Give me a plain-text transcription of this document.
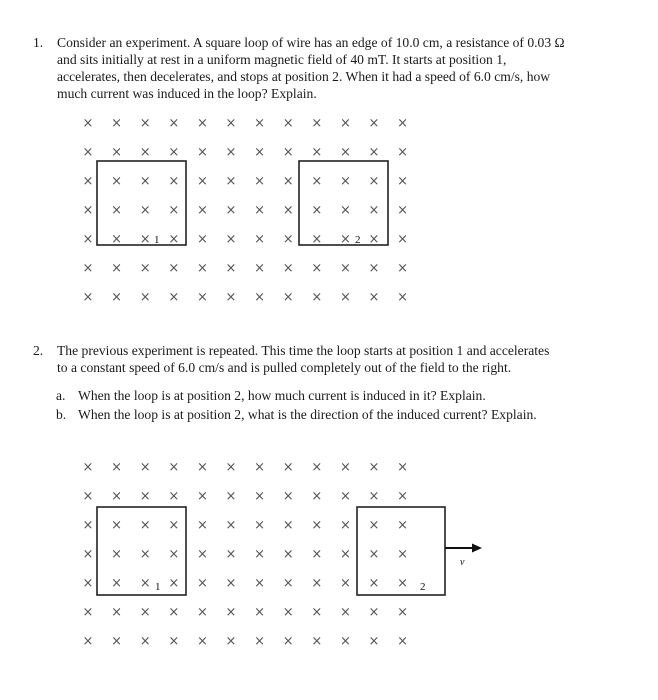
1. Consider an experiment. A square loop of wire has an edge of 10.0 cm, a resistance of 0.03 Ω
and sits initially at rest in a uniform magnetic field of 40 mT. It starts at position 1,
accelerates, then decelerates, and stops at position 2. When it had a speed of 6.0 cm/s, how
much current was induced in the loop? Explain.
× × × × × × × × × × × ×
× × × × × × × × × × × ×
× × × × × × × × × × × ×
× × × × × × × × × × × ×
× × × × × × × × × × × ×
× × × × × × × × × × × ×
× × × × × × × × × × × ×
1	2
2. The previous experiment is repeated. This time the loop starts at position 1 and accelerates
to a constant speed of 6.0 cm/s and is pulled completely out of the field to the right.
a. When the loop is at position 2, how much current is induced in it? Explain.
b. When the loop is at position 2, what is the direction of the induced current? Explain.
× × × × × × × × × × × ×
× × × × × × × × × × × ×
× × × × × × × × × × × ×
× × × × × × × × × × × ×
× × × × × × × × × × × ×
× × × × × × × × × × × ×
× × × × × × × × × × × ×
v
1	2
